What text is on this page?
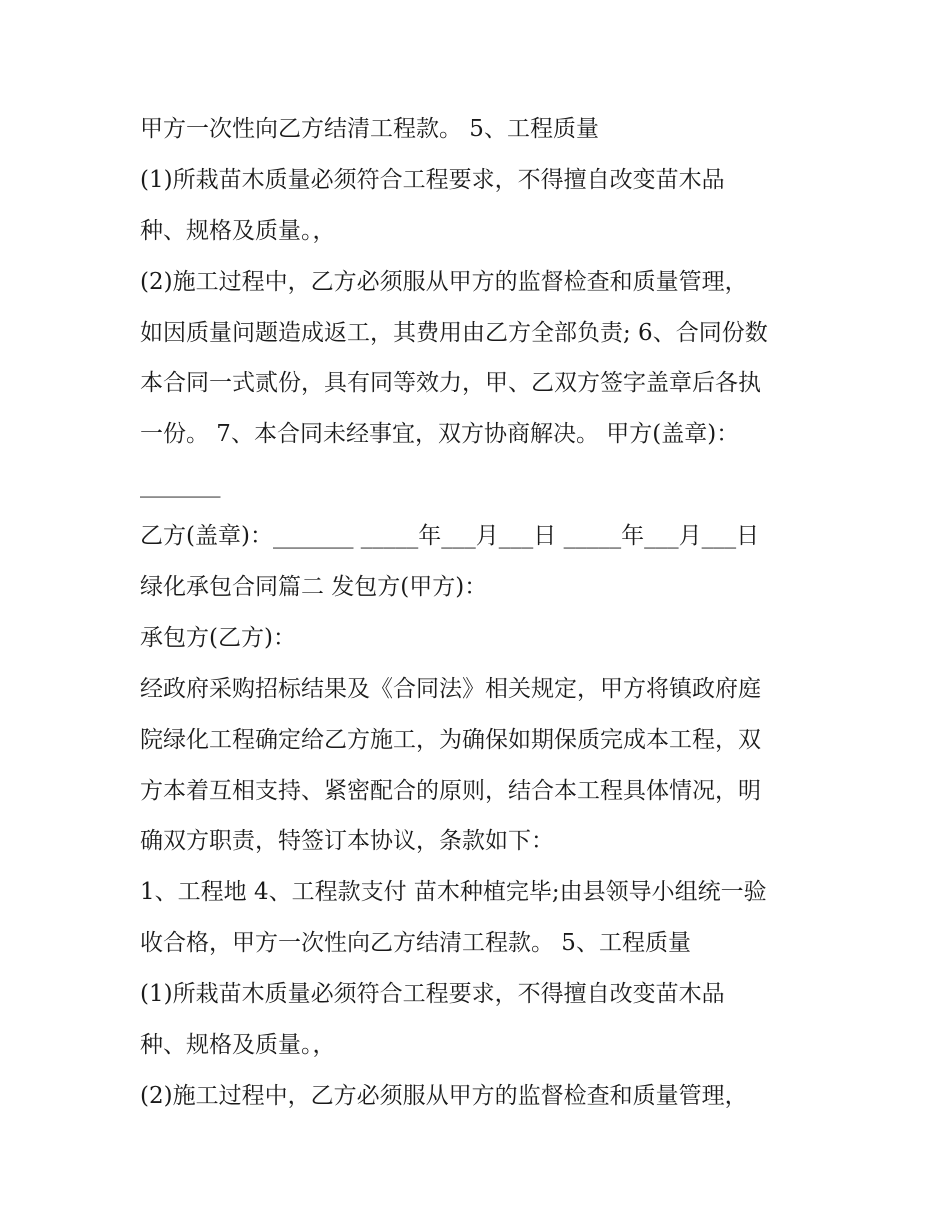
甲方一次性向乙方结清工程款。 5、工程质量
(1)所栽苗木质量必须符合工程要求，不得擅自改变苗木品
种、规格及质量。，
(2)施工过程中，乙方必须服从甲方的监督检查和质量管理，
如因质量问题造成返工，其费用由乙方全部负责; 6、合同份数
本合同一式贰份，具有同等效力，甲、乙双方签字盖章后各执
一份。 7、本合同未经事宜，双方协商解决。 甲方(盖章)：
_______
乙方(盖章)：_______ _____年___月___日 _____年___月___日
绿化承包合同篇二 发包方(甲方)：
承包方(乙方)：
经政府采购招标结果及《合同法》相关规定，甲方将镇政府庭
院绿化工程确定给乙方施工，为确保如期保质完成本工程，双
方本着互相支持、紧密配合的原则，结合本工程具体情况，明
确双方职责，特签订本协议，条款如下：
1、工程地 4、工程款支付 苗木种植完毕;由县领导小组统一验
收合格，甲方一次性向乙方结清工程款。 5、工程质量
(1)所栽苗木质量必须符合工程要求，不得擅自改变苗木品
种、规格及质量。，
(2)施工过程中，乙方必须服从甲方的监督检查和质量管理，
